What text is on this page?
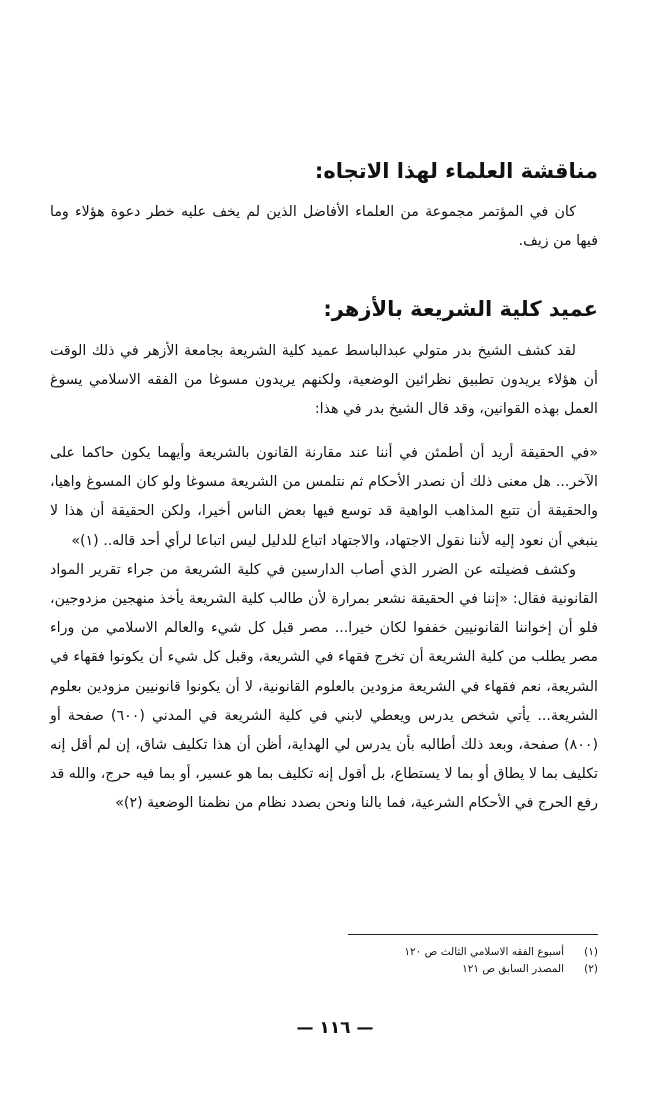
مناقشة العلماء لهذا الاتجاه:

كان في المؤتمر مجموعة من العلماء الأفاضل الذين لم يخف عليه خطر دعوة هؤلاء وما فيها من زيف.

عميد كلية الشريعة بالأزهر:

لقد كشف الشيخ بدر متولي عبدالباسط عميد كلية الشريعة بجامعة الأزهر في ذلك الوقت أن هؤلاء يريدون تطبيق نظرائين الوضعية، ولكنهم يريدون مسوغا من الفقه الاسلامي يسوغ العمل بهذه القوانين، وقد قال الشيخ بدر في هذا:

«في الحقيقة أريد أن أطمئن في أننا عند مقارنة القانون بالشريعة وأيهما يكون حاكما على الآخر... هل معنى ذلك أن نصدر الأحكام ثم نتلمس من الشريعة مسوغا ولو كان المسوغ واهيا، والحقيقة أن تتبع المذاهب الواهية قد توسع فيها بعض الناس أخيرا، ولكن الحقيقة أن هذا لا ينبغي أن نعود إليه لأننا نقول الاجتهاد، والاجتهاد اتباع للدليل ليس اتباعا لرأي أحد قاله.. (١)»

وكشف فضيلته عن الضرر الذي أصاب الدارسين في كلية الشريعة من جراء تقرير المواد القانونية فقال: «إننا في الحقيقة نشعر بمرارة لأن طالب كلية الشريعة يأخذ منهجين مزدوجين، فلو أن إخواننا القانونيين خففوا لكان خيرا... مصر قبل كل شيء والعالم الاسلامي من وراء مصر يطلب من كلية الشريعة أن تخرج فقهاء في الشريعة، وقبل كل شيء أن يكونوا فقهاء في الشريعة، نعم فقهاء في الشريعة مزودين بالعلوم القانونية، لا أن يكونوا قانونيين مزودين بعلوم الشريعة... يأتي شخص يدرس ويعطي لابني في كلية الشريعة في المدني (٦٠٠) صفحة أو (٨٠٠) صفحة، وبعد ذلك أطالبه بأن يدرس لي الهداية، أظن أن هذا تكليف شاق، إن لم أقل إنه تكليف بما لا يطاق أو بما لا يستطاع، بل أقول إنه تكليف بما هو عسير، أو بما فيه حرج، والله قد رفع الحرج في الأحكام الشرعية، فما بالنا ونحن بصدد نظام من نظمنا الوضعية (٢)»

(١)
أسبوع الفقه الاسلامي الثالث ص ١٢٠
(٢)
المصدر السابق ص ١٢١
— ١١٦ —
